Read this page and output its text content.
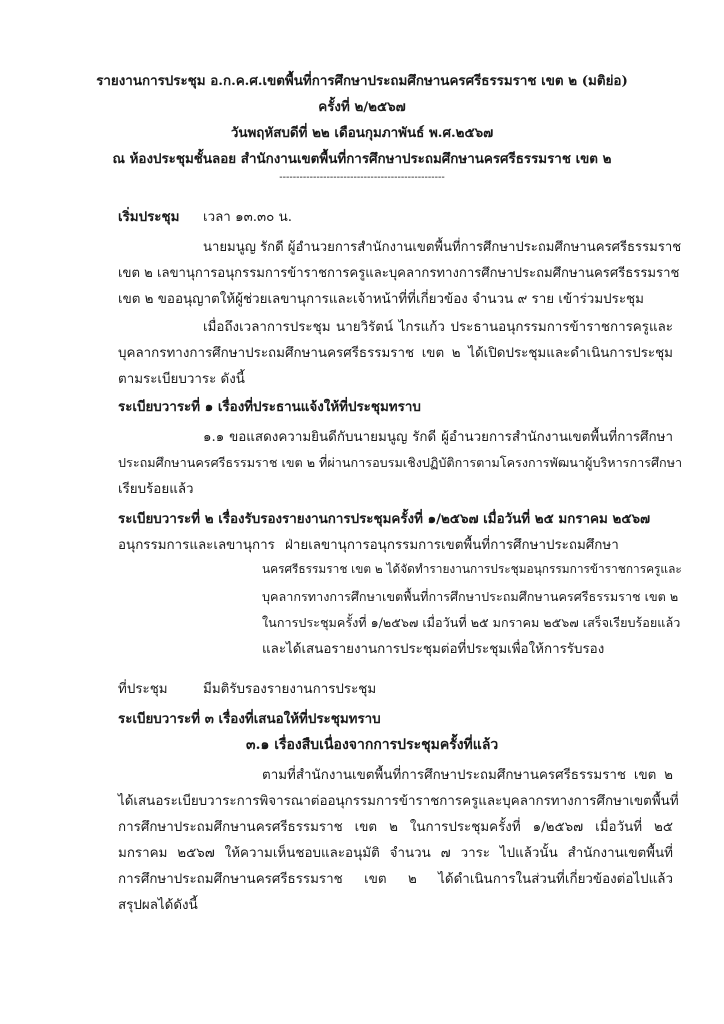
รายงานการประชุม อ.ก.ค.ศ.เขตพื้นที่การศึกษาประถมศึกษานครศรีธรรมราช เขต ๒ (มติย่อ)
ครั้งที่ ๒/๒๕๖๗
วันพฤหัสบดีที่ ๒๒ เดือนกุมภาพันธ์ พ.ศ.๒๕๖๗
ณ ห้องประชุมชั้นลอย สำนักงานเขตพื้นที่การศึกษาประถมศึกษานครศรีธรรมราช เขต ๒
-------------------------------------------------
เริ่มประชุม เวลา ๑๓.๓๐ น.
นายมนูญ รักดี ผู้อำนวยการสำนักงานเขตพื้นที่การศึกษาประถมศึกษานครศรีธรรมราช
เขต ๒ เลขานุการอนุกรรมการข้าราชการครูและบุคลากรทางการศึกษาประถมศึกษานครศรีธรรมราช
เขต ๒ ขออนุญาตให้ผู้ช่วยเลขานุการและเจ้าหน้าที่ที่เกี่ยวข้อง จำนวน ๙ ราย เข้าร่วมประชุม
เมื่อถึงเวลาการประชุม นายวิรัตน์ ไกรแก้ว ประธานอนุกรรมการข้าราชการครูและ
บุคลากรทางการศึกษาประถมศึกษานครศรีธรรมราช เขต ๒ ได้เปิดประชุมและดำเนินการประชุม
ตามระเบียบวาระ ดังนี้
ระเบียบวาระที่ ๑ เรื่องที่ประธานแจ้งให้ที่ประชุมทราบ
๑.๑ ขอแสดงความยินดีกับนายมนูญ รักดี ผู้อำนวยการสำนักงานเขตพื้นที่การศึกษา
ประถมศึกษานครศรีธรรมราช เขต ๒ ที่ผ่านการอบรมเชิงปฏิบัติการตามโครงการพัฒนาผู้บริหารการศึกษา
เรียบร้อยแล้ว
ระเบียบวาระที่ ๒ เรื่องรับรองรายงานการประชุมครั้งที่ ๑/๒๕๖๗ เมื่อวันที่ ๒๕ มกราคม ๒๕๖๗
อนุกรรมการและเลขานุการ ฝ่ายเลขานุการอนุกรรมการเขตพื้นที่การศึกษาประถมศึกษา
นครศรีธรรมราช เขต ๒ ได้จัดทำรายงานการประชุมอนุกรรมการข้าราชการครูและ
บุคลากรทางการศึกษาเขตพื้นที่การศึกษาประถมศึกษานครศรีธรรมราช เขต ๒
ในการประชุมครั้งที่ ๑/๒๕๖๗ เมื่อวันที่ ๒๕ มกราคม ๒๕๖๗ เสร็จเรียบร้อยแล้ว
และได้เสนอรายงานการประชุมต่อที่ประชุมเพื่อให้การรับรอง
ที่ประชุม	มีมติรับรองรายงานการประชุม
ระเบียบวาระที่ ๓ เรื่องที่เสนอให้ที่ประชุมทราบ
๓.๑ เรื่องสืบเนื่องจากการประชุมครั้งที่แล้ว
ตามที่สำนักงานเขตพื้นที่การศึกษาประถมศึกษานครศรีธรรมราช เขต ๒
ได้เสนอระเบียบวาระการพิจารณาต่ออนุกรรมการข้าราชการครูและบุคลากรทางการศึกษาเขตพื้นที่
การศึกษาประถมศึกษานครศรีธรรมราช เขต ๒ ในการประชุมครั้งที่ ๑/๒๕๖๗ เมื่อวันที่ ๒๕
มกราคม ๒๕๖๗ ให้ความเห็นชอบและอนุมัติ จำนวน ๗ วาระ ไปแล้วนั้น สำนักงานเขตพื้นที่
การศึกษาประถมศึกษานครศรีธรรมราช เขต ๒ ได้ดำเนินการในส่วนที่เกี่ยวข้องต่อไปแล้ว
สรุปผลได้ดังนี้
